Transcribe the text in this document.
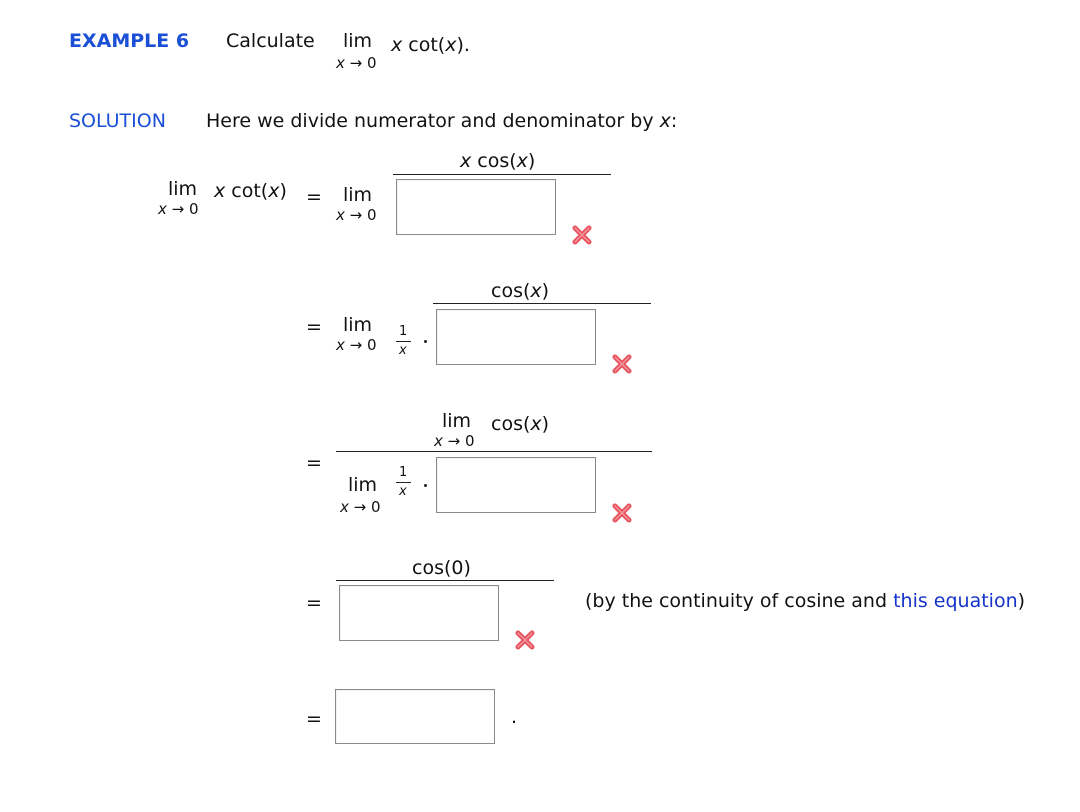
EXAMPLE 6 Calculate lim x cot(x).
x → 0
SOLUTION Here we divide numerator and denominator by x:
lim x cot(x)
x → 0
= lim
x → 0
x cos(x)
= lim
x → 0
1
x
cos(x)
=
lim
x → 0
cos(x)
lim
x → 0
1
x
=
cos(0)
(by the continuity of cosine and this equation)
=	.
